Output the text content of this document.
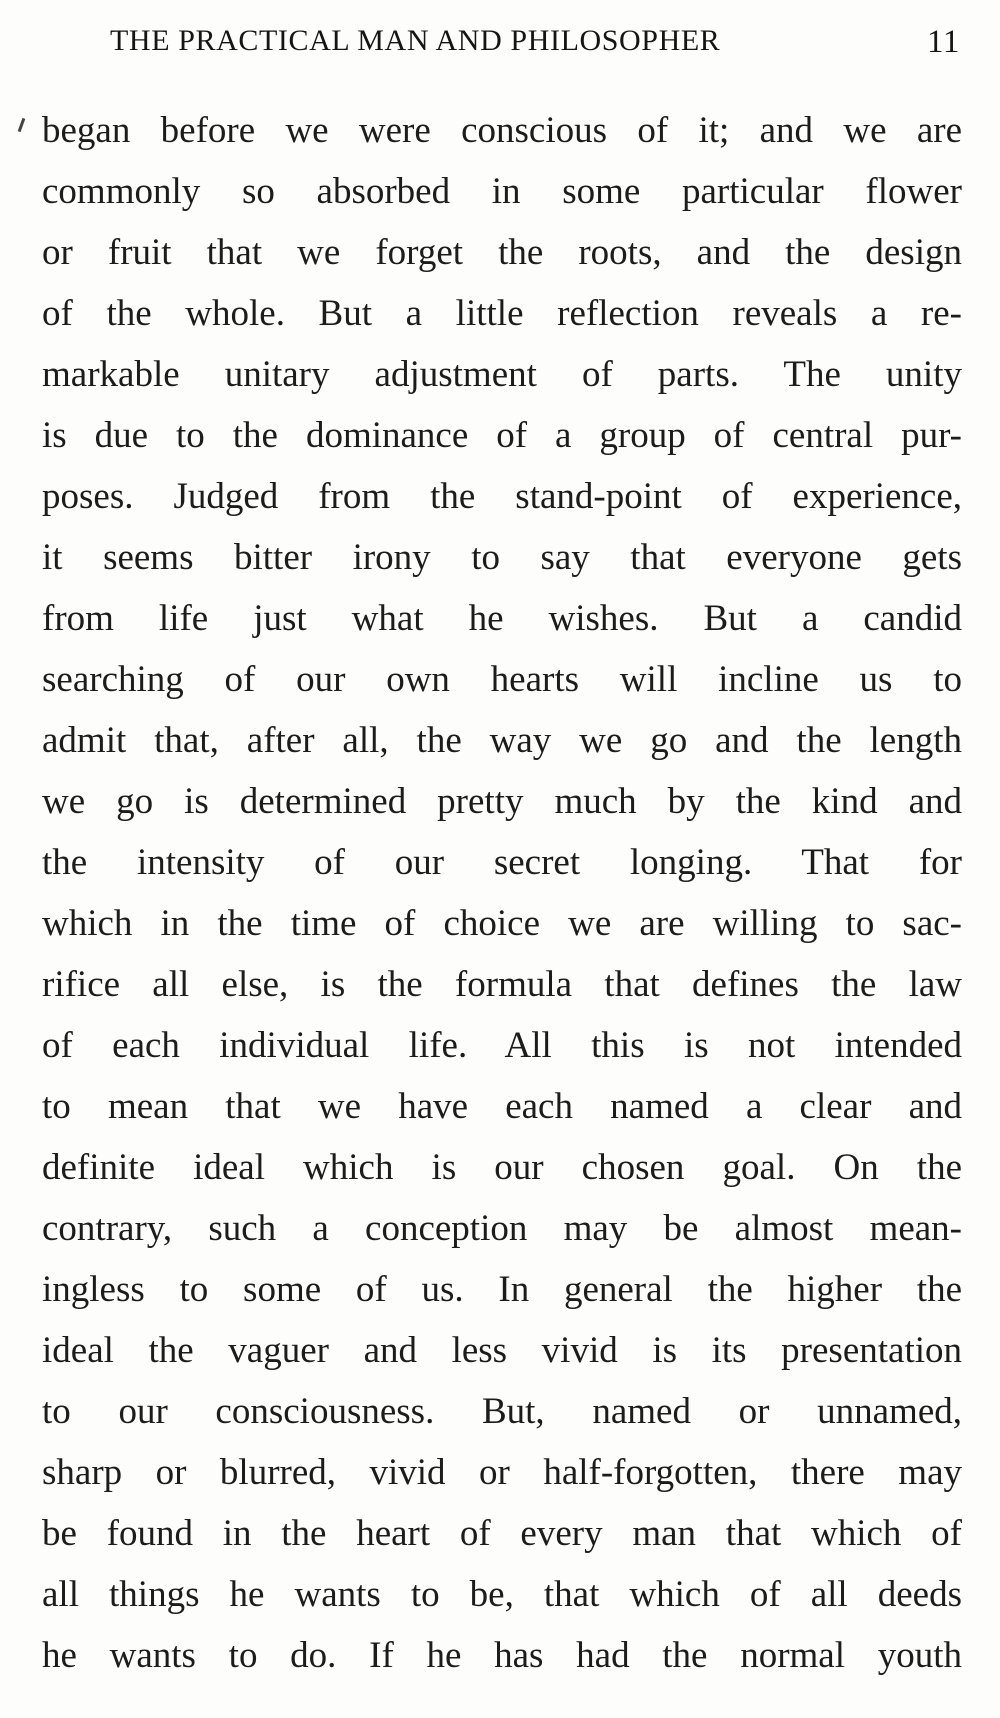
THE PRACTICAL MAN AND PHILOSOPHER	11
began before we were conscious of it; and we are
commonly so absorbed in some particular flower
or fruit that we forget the roots, and the design
of the whole. But a little reflection reveals a re-
markable unitary adjustment of parts. The unity
is due to the dominance of a group of central pur-
poses. Judged from the stand-point of experience,
it seems bitter irony to say that everyone gets
from life just what he wishes. But a candid
searching of our own hearts will incline us to
admit that, after all, the way we go and the length
we go is determined pretty much by the kind and
the intensity of our secret longing. That for
which in the time of choice we are willing to sac-
rifice all else, is the formula that defines the law
of each individual life. All this is not intended
to mean that we have each named a clear and
definite ideal which is our chosen goal. On the
contrary, such a conception may be almost mean-
ingless to some of us. In general the higher the
ideal the vaguer and less vivid is its presentation
to our consciousness. But, named or unnamed,
sharp or blurred, vivid or half-forgotten, there may
be found in the heart of every man that which of
all things he wants to be, that which of all deeds
he wants to do. If he has had the normal youth
